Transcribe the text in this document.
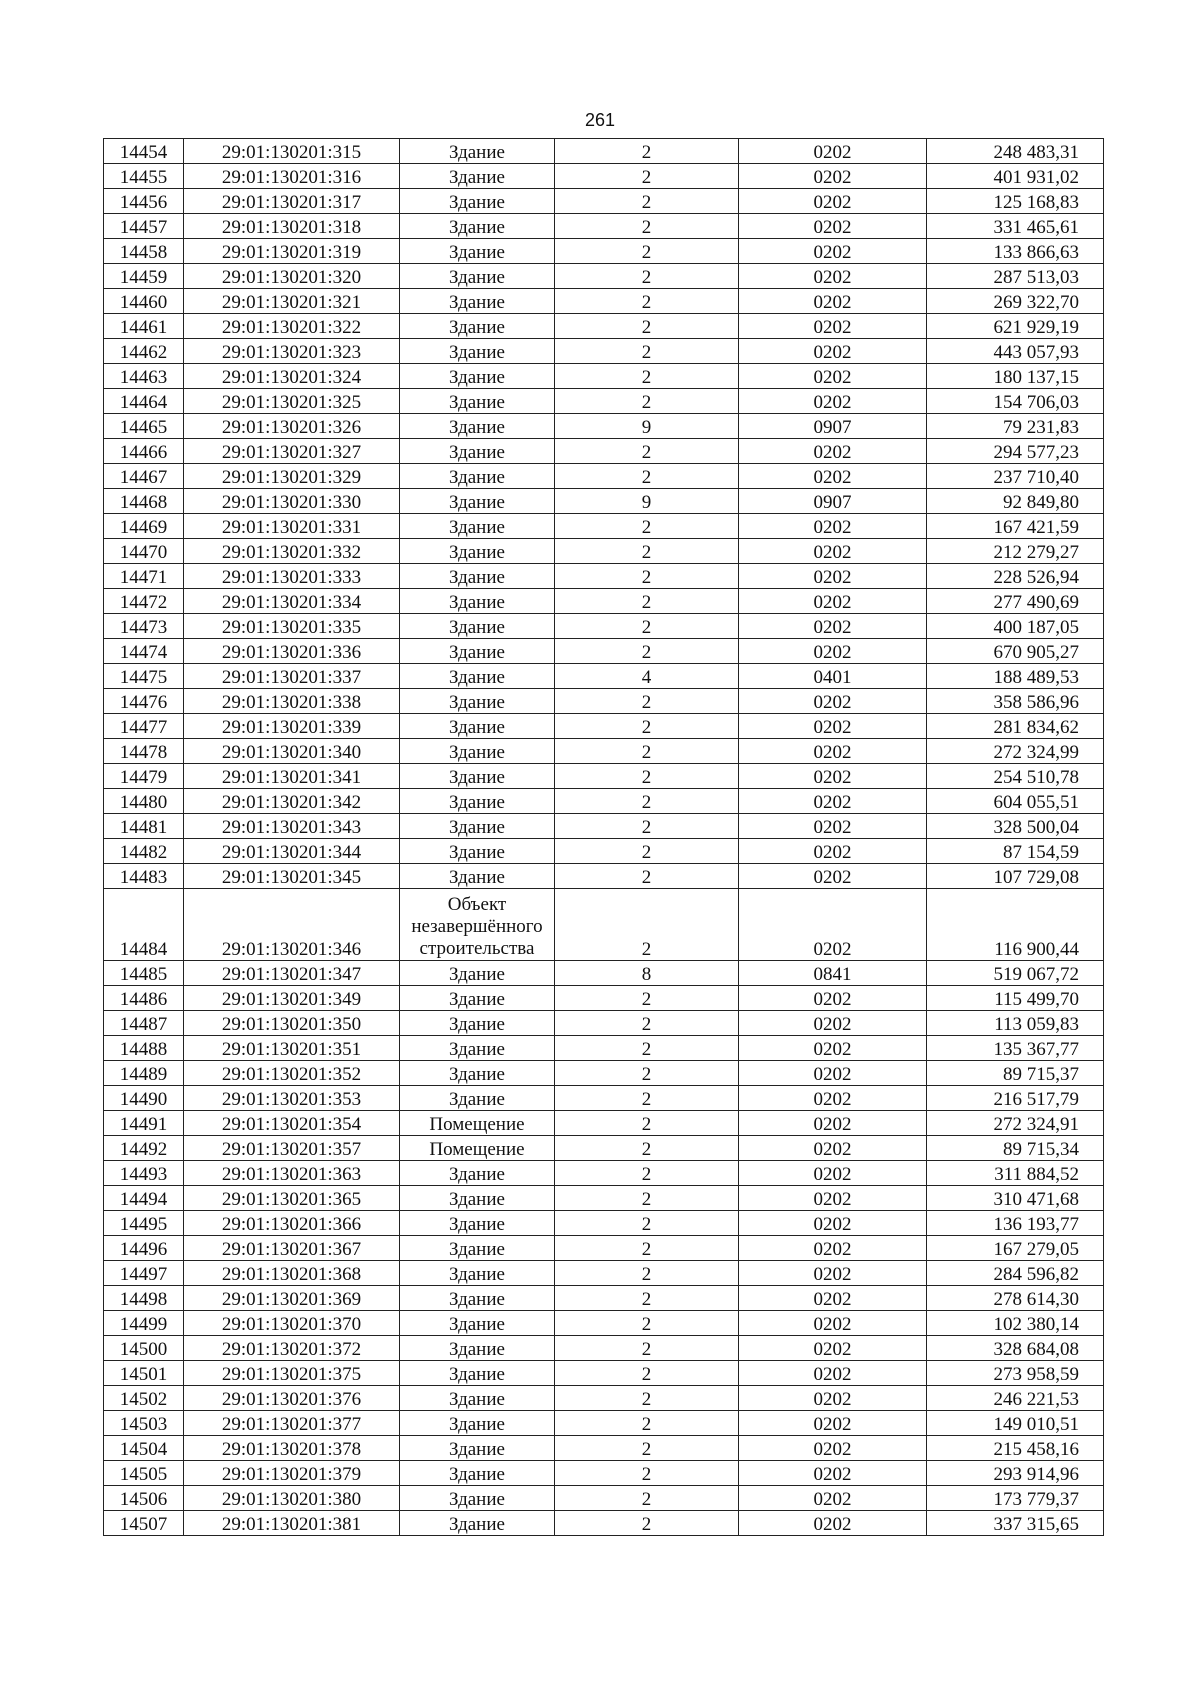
261
14454	29:01:130201:315	Здание	2	0202	248 483,31
14455	29:01:130201:316	Здание	2	0202	401 931,02
14456	29:01:130201:317	Здание	2	0202	125 168,83
14457	29:01:130201:318	Здание	2	0202	331 465,61
14458	29:01:130201:319	Здание	2	0202	133 866,63
14459	29:01:130201:320	Здание	2	0202	287 513,03
14460	29:01:130201:321	Здание	2	0202	269 322,70
14461	29:01:130201:322	Здание	2	0202	621 929,19
14462	29:01:130201:323	Здание	2	0202	443 057,93
14463	29:01:130201:324	Здание	2	0202	180 137,15
14464	29:01:130201:325	Здание	2	0202	154 706,03
14465	29:01:130201:326	Здание	9	0907	79 231,83
14466	29:01:130201:327	Здание	2	0202	294 577,23
14467	29:01:130201:329	Здание	2	0202	237 710,40
14468	29:01:130201:330	Здание	9	0907	92 849,80
14469	29:01:130201:331	Здание	2	0202	167 421,59
14470	29:01:130201:332	Здание	2	0202	212 279,27
14471	29:01:130201:333	Здание	2	0202	228 526,94
14472	29:01:130201:334	Здание	2	0202	277 490,69
14473	29:01:130201:335	Здание	2	0202	400 187,05
14474	29:01:130201:336	Здание	2	0202	670 905,27
14475	29:01:130201:337	Здание	4	0401	188 489,53
14476	29:01:130201:338	Здание	2	0202	358 586,96
14477	29:01:130201:339	Здание	2	0202	281 834,62
14478	29:01:130201:340	Здание	2	0202	272 324,99
14479	29:01:130201:341	Здание	2	0202	254 510,78
14480	29:01:130201:342	Здание	2	0202	604 055,51
14481	29:01:130201:343	Здание	2	0202	328 500,04
14482	29:01:130201:344	Здание	2	0202	87 154,59
14483	29:01:130201:345	Здание	2	0202	107 729,08
14484	29:01:130201:346	Объект незавершённого строительства	2	0202	116 900,44
14485	29:01:130201:347	Здание	8	0841	519 067,72
14486	29:01:130201:349	Здание	2	0202	115 499,70
14487	29:01:130201:350	Здание	2	0202	113 059,83
14488	29:01:130201:351	Здание	2	0202	135 367,77
14489	29:01:130201:352	Здание	2	0202	89 715,37
14490	29:01:130201:353	Здание	2	0202	216 517,79
14491	29:01:130201:354	Помещение	2	0202	272 324,91
14492	29:01:130201:357	Помещение	2	0202	89 715,34
14493	29:01:130201:363	Здание	2	0202	311 884,52
14494	29:01:130201:365	Здание	2	0202	310 471,68
14495	29:01:130201:366	Здание	2	0202	136 193,77
14496	29:01:130201:367	Здание	2	0202	167 279,05
14497	29:01:130201:368	Здание	2	0202	284 596,82
14498	29:01:130201:369	Здание	2	0202	278 614,30
14499	29:01:130201:370	Здание	2	0202	102 380,14
14500	29:01:130201:372	Здание	2	0202	328 684,08
14501	29:01:130201:375	Здание	2	0202	273 958,59
14502	29:01:130201:376	Здание	2	0202	246 221,53
14503	29:01:130201:377	Здание	2	0202	149 010,51
14504	29:01:130201:378	Здание	2	0202	215 458,16
14505	29:01:130201:379	Здание	2	0202	293 914,96
14506	29:01:130201:380	Здание	2	0202	173 779,37
14507	29:01:130201:381	Здание	2	0202	337 315,65
